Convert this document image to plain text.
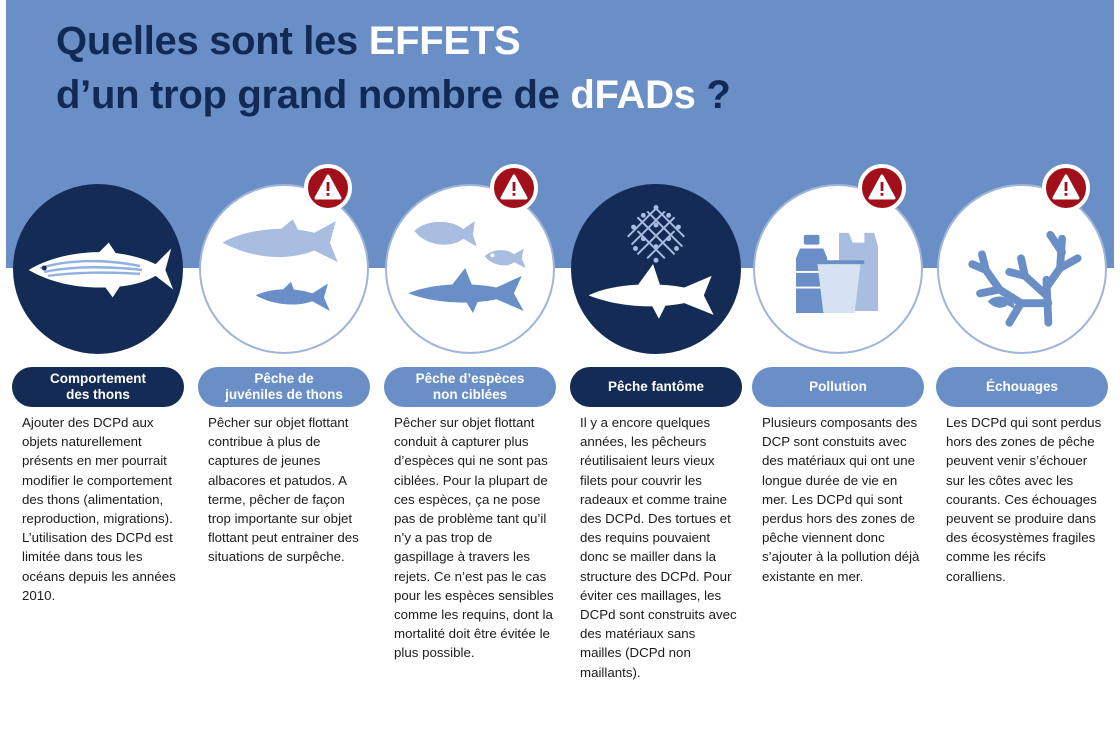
Quelles sont les EFFETS
d’un trop grand nombre de dFADs ?
Comportement
des thons

Ajouter des DCPd aux objets naturellement présents en mer pourrait modifier le comportement des thons (alimentation, reproduction, migrations). L’utilisation des DCPd est limitée dans tous les océans depuis les années 2010.

Pêche de
juvéniles de thons

Pêcher sur objet flottant contribue à plus de captures de jeunes albacores et patudos. A terme, pêcher de façon trop importante sur objet flottant peut entrainer des situations de surpêche.

Pêche d’espèces
non ciblées

Pêcher sur objet flottant conduit à capturer plus d’espèces qui ne sont pas ciblées. Pour la plupart de ces espèces, ça ne pose pas de problème tant qu’il n’y a pas trop de gaspillage à travers les rejets. Ce n’est pas le cas pour les espèces sensibles comme les requins, dont la mortalité doit être évitée le plus possible.

Pêche fantôme

Il y a encore quelques années, les pêcheurs réutilisaient leurs vieux filets pour couvrir les radeaux et comme traine des DCPd. Des tortues et des requins pouvaient donc se mailler dans la structure des DCPd. Pour éviter ces maillages, les DCPd sont construits avec des matériaux sans mailles (DCPd non maillants).

Pollution

Plusieurs composants des DCP sont constuits avec des matériaux qui ont une longue durée de vie en mer. Les DCPd qui sont perdus hors des zones de pêche viennent donc s’ajouter à la pollution déjà existante en mer.

Échouages

Les DCPd qui sont perdus hors des zones de pêche peuvent venir s’échouer sur les côtes avec les courants. Ces échouages peuvent se produire dans des écosystèmes fragiles comme les récifs coralliens.
